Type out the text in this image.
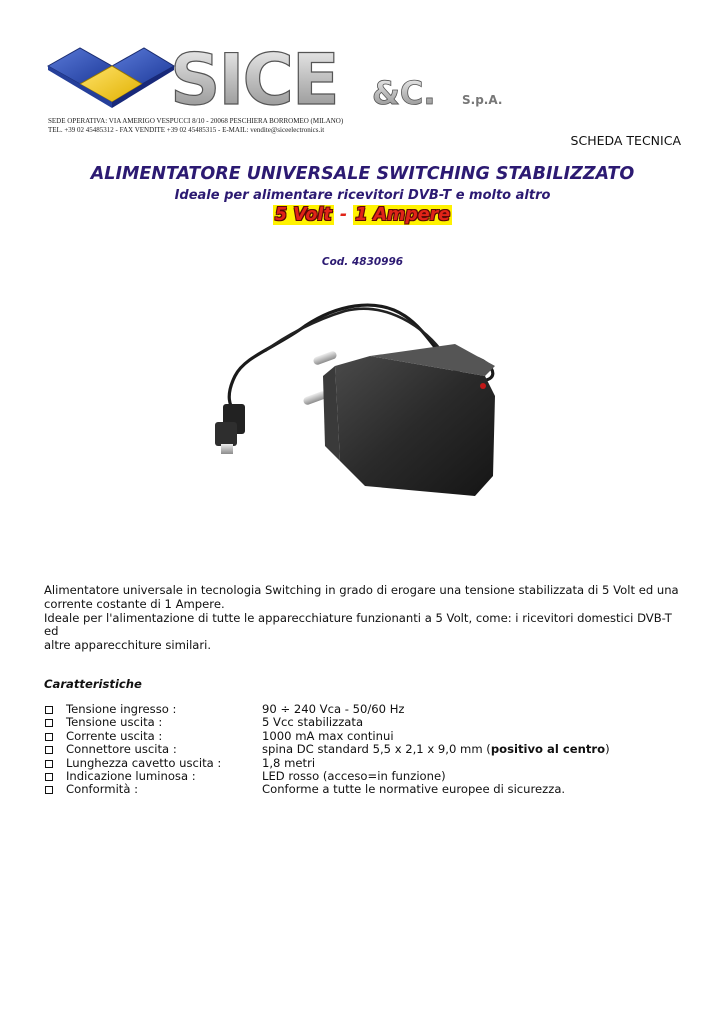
SICE &C. S.p.A.
SEDE OPERATIVA: VIA AMERIGO VESPUCCI 8/10 - 20068 PESCHIERA BORROMEO (MILANO)
TEL. +39 02 45485312 - FAX VENDITE +39 02 45485315 - E-MAIL: vendite@siceelectronics.it
SCHEDA TECNICA
ALIMENTATORE UNIVERSALE SWITCHING STABILIZZATO
Ideale per alimentare ricevitori DVB-T e molto altro
5 Volt - 1 Ampere
Cod. 4830996
Alimentatore universale in tecnologia Switching in grado di erogare una tensione stabilizzata di 5 Volt ed una
corrente costante di 1 Ampere.
Ideale per l'alimentazione di tutte le apparecchiature funzionanti a 5 Volt, come: i ricevitori domestici DVB-T ed
altre apparecchiture similari.
Caratteristiche
Tensione ingresso :	90 ÷ 240 Vca - 50/60 Hz
Tensione uscita :	5 Vcc stabilizzata
Corrente uscita :	1000 mA max continui
Connettore uscita :	spina DC standard 5,5 x 2,1 x 9,0 mm (positivo al centro)
Lunghezza cavetto uscita :	1,8 metri
Indicazione luminosa :	LED rosso (acceso=in funzione)
Conformità :	Conforme a tutte le normative europee di sicurezza.
